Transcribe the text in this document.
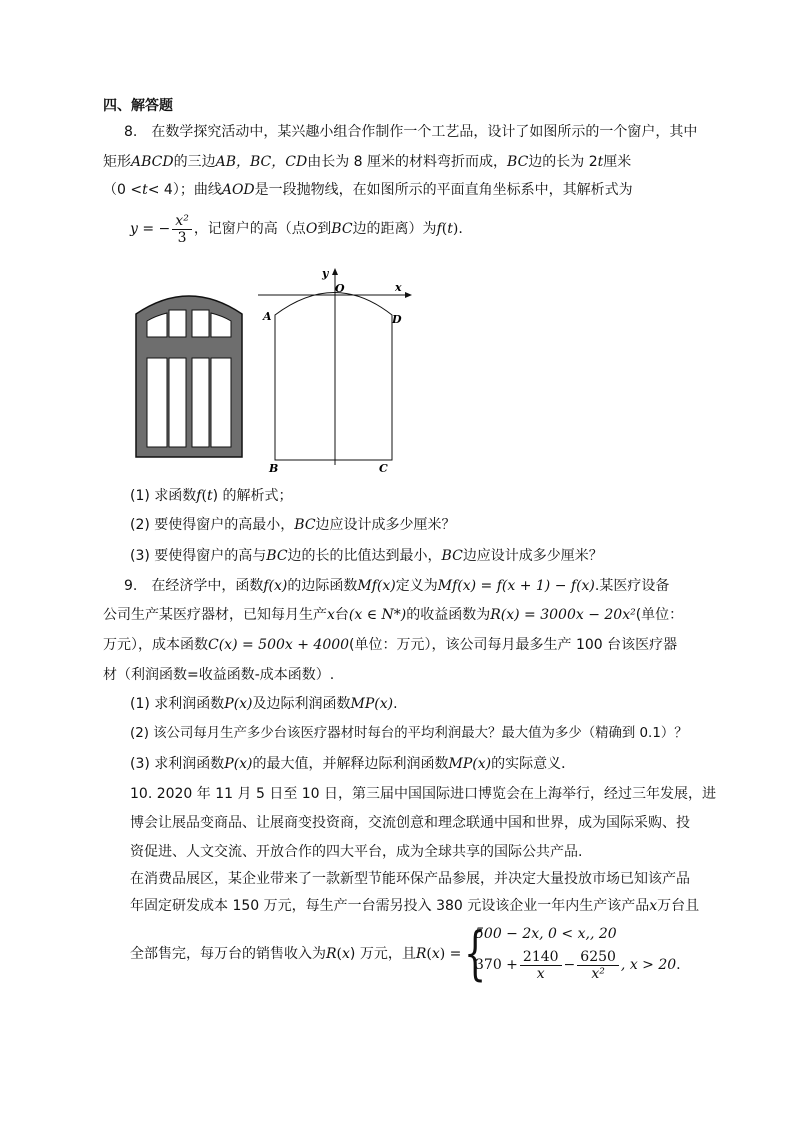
四、解答题
8.　在数学探究活动中，某兴趣小组合作制作一个工艺品，设计了如图所示的一个窗户，其中
矩形ABCD的三边AB，BC，CD由长为 8 厘米的材料弯折而成，BC边的长为 2t厘米
（0 <t< 4）；曲线AOD是一段抛物线，在如图所示的平面直角坐标系中，其解析式为
y = − $\frac{\text{x²}}{3}$ ，记窗户的高（点O到BC边的距离）为f(t).
y
x
O
A	D
B	C
(1) 求函数f(t) 的解析式；
(2) 要使得窗户的高最小，BC边应设计成多少厘米？
(3) 要使得窗户的高与BC边的长的比值达到最小，BC边应设计成多少厘米？
9.　在经济学中，函数f(x)的边际函数Mf(x)定义为Mf(x) = f(x + 1) − f(x).某医疗设备
公司生产某医疗器材，已知每月生产x台(x ∈ N*)的收益函数为R(x) = 3000x − 20x²(单位：
万元），成本函数C(x) = 500x + 4000(单位：万元），该公司每月最多生产 100 台该医疗器
材（利润函数=收益函数-成本函数）.
(1) 求利润函数P(x)及边际利润函数MP(x).
(2) 该公司每月生产多少台该医疗器材时每台的平均利润最大？最大值为多少（精确到 0.1）？
(3) 求利润函数P(x)的最大值，并解释边际利润函数MP(x)的实际意义．
10. 2020 年 11 月 5 日至 10 日，第三届中国国际进口博览会在上海举行，经过三年发展，进
博会让展品变商品、让展商变投资商，交流创意和理念联通中国和世界，成为国际采购、投
资促进、人文交流、开放合作的四大平台，成为全球共享的国际公共产品.
在消费品展区，某企业带来了一款新型节能环保产品参展，并决定大量投放市场已知该产品
年固定研发成本 150 万元，每生产一台需另投入 380 元设该企业一年内生产该产品x万台且
全部售完，每万台的销售收入为R(x) 万元，且R(x) = {
500 − 2x, 0 < x,, 20
$370 + \frac{2140}{x} - \frac{6250}{\text{x²}}$ , x > 20.
